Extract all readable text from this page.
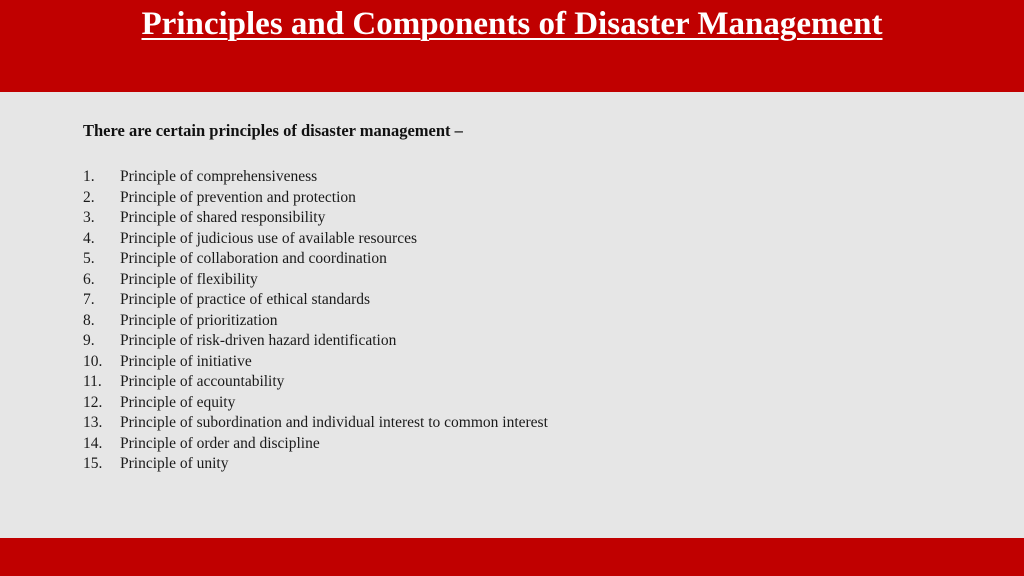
Principles and Components of Disaster Management

There are certain principles of disaster management –

1.	Principle of comprehensiveness
2.	Principle of prevention and protection
3.	Principle of shared responsibility
4.	Principle of judicious use of available resources
5.	Principle of collaboration and coordination
6.	Principle of flexibility
7.	Principle of practice of ethical standards
8.	Principle of prioritization
9.	Principle of risk-driven hazard identification
10.	Principle of initiative
11.	Principle of accountability
12.	Principle of equity
13.	Principle of subordination and individual interest to common interest
14.	Principle of order and discipline
15.	Principle of unity
